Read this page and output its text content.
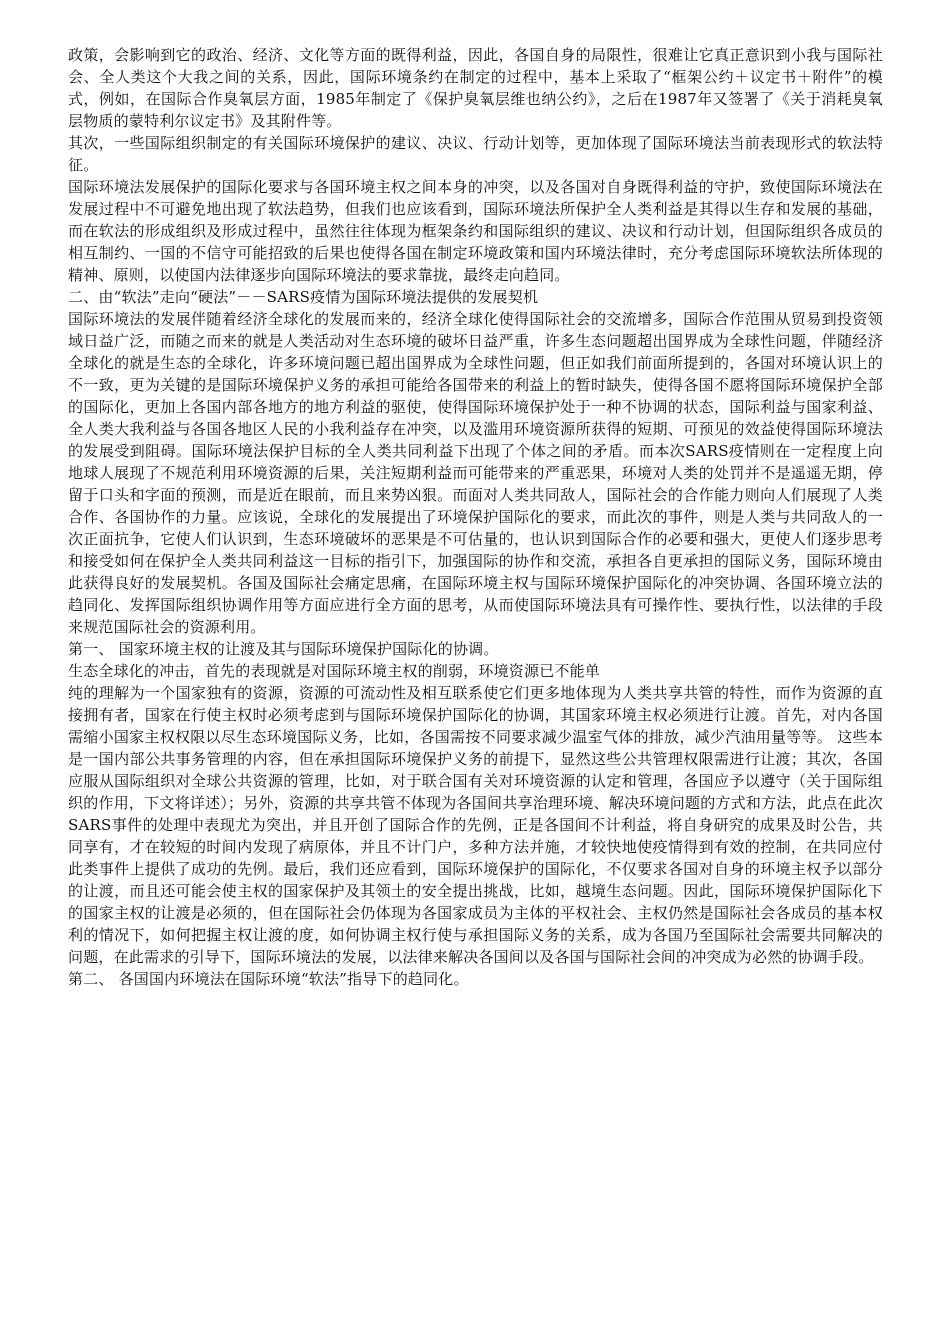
政策，会影响到它的政治、经济、文化等方面的既得利益，因此，各国自身的局限性，很难让它真正意识到小我与国际社会、全人类这个大我之间的关系，因此，国际环境条约在制定的过程中，基本上采取了“框架公约＋议定书＋附件”的模式，例如，在国际合作臭氧层方面，1985年制定了《保护臭氧层维也纳公约》，之后在1987年又签署了《关于消耗臭氧层物质的蒙特利尔议定书》及其附件等。

其次，一些国际组织制定的有关国际环境保护的建议、决议、行动计划等，更加体现了国际环境法当前表现形式的软法特征。

国际环境法发展保护的国际化要求与各国环境主权之间本身的冲突，以及各国对自身既得利益的守护，致使国际环境法在发展过程中不可避免地出现了软法趋势，但我们也应该看到，国际环境法所保护全人类利益是其得以生存和发展的基础，而在软法的形成组织及形成过程中，虽然往往体现为框架条约和国际组织的建议、决议和行动计划，但国际组织各成员的相互制约、一国的不信守可能招致的后果也使得各国在制定环境政策和国内环境法律时，充分考虑国际环境软法所体现的精神、原则，以使国内法律逐步向国际环境法的要求靠拢，最终走向趋同。

二、由“软法”走向“硬法”－－SARS疫情为国际环境法提供的发展契机

国际环境法的发展伴随着经济全球化的发展而来的，经济全球化使得国际社会的交流增多，国际合作范围从贸易到投资领域日益广泛，而随之而来的就是人类活动对生态环境的破坏日益严重，许多生态问题超出国界成为全球性问题，伴随经济全球化的就是生态的全球化，许多环境问题已超出国界成为全球性问题，但正如我们前面所提到的，各国对环境认识上的不一致，更为关键的是国际环境保护义务的承担可能给各国带来的利益上的暂时缺失，使得各国不愿将国际环境保护全部的国际化，更加上各国内部各地方的地方利益的驱使，使得国际环境保护处于一种不协调的状态，国际利益与国家利益、全人类大我利益与各国各地区人民的小我利益存在冲突，以及滥用环境资源所获得的短期、可预见的效益使得国际环境法的发展受到阻碍。国际环境法保护目标的全人类共同利益下出现了个体之间的矛盾。而本次SARS疫情则在一定程度上向地球人展现了不规范利用环境资源的后果，关注短期利益而可能带来的严重恶果，环境对人类的处罚并不是遥遥无期，停留于口头和字面的预测，而是近在眼前，而且来势凶狠。而面对人类共同敌人，国际社会的合作能力则向人们展现了人类合作、各国协作的力量。应该说，全球化的发展提出了环境保护国际化的要求，而此次的事件，则是人类与共同敌人的一次正面抗争，它使人们认识到，生态环境破坏的恶果是不可估量的，也认识到国际合作的必要和强大，更使人们逐步思考和接受如何在保护全人类共同利益这一目标的指引下，加强国际的协作和交流，承担各自更承担的国际义务，国际环境由此获得良好的发展契机。各国及国际社会痛定思痛，在国际环境主权与国际环境保护国际化的冲突协调、各国环境立法的趋同化、发挥国际组织协调作用等方面应进行全方面的思考，从而使国际环境法具有可操作性、要执行性，以法律的手段来规范国际社会的资源利用。

第一、 国家环境主权的让渡及其与国际环境保护国际化的协调。

生态全球化的冲击，首先的表现就是对国际环境主权的削弱，环境资源已不能单

纯的理解为一个国家独有的资源，资源的可流动性及相互联系使它们更多地体现为人类共享共管的特性，而作为资源的直接拥有者，国家在行使主权时必须考虑到与国际环境保护国际化的协调，其国家环境主权必须进行让渡。首先，对内各国需缩小国家主权权限以尽生态环境国际义务，比如，各国需按不同要求减少温室气体的排放，减少汽油用量等等。 这些本是一国内部公共事务管理的内容，但在承担国际环境保护义务的前提下，显然这些公共管理权限需进行让渡；其次，各国应服从国际组织对全球公共资源的管理，比如，对于联合国有关对环境资源的认定和管理，各国应予以遵守（关于国际组织的作用，下文将详述）；另外，资源的共享共管不体现为各国间共享治理环境、解决环境问题的方式和方法，此点在此次SARS事件的处理中表现尤为突出，并且开创了国际合作的先例，正是各国间不计利益，将自身研究的成果及时公告，共同享有，才在较短的时间内发现了病原体，并且不计门户，多种方法并施，才较快地使疫情得到有效的控制，在共同应付此类事件上提供了成功的先例。最后，我们还应看到，国际环境保护的国际化，不仅要求各国对自身的环境主权予以部分的让渡，而且还可能会使主权的国家保护及其领土的安全提出挑战，比如，越境生态问题。因此，国际环境保护国际化下的国家主权的让渡是必须的，但在国际社会仍体现为各国家成员为主体的平权社会、主权仍然是国际社会各成员的基本权利的情况下，如何把握主权让渡的度，如何协调主权行使与承担国际义务的关系，成为各国乃至国际社会需要共同解决的问题，在此需求的引导下，国际环境法的发展，以法律来解决各国间以及各国与国际社会间的冲突成为必然的协调手段。

第二、 各国国内环境法在国际环境“软法”指导下的趋同化。
